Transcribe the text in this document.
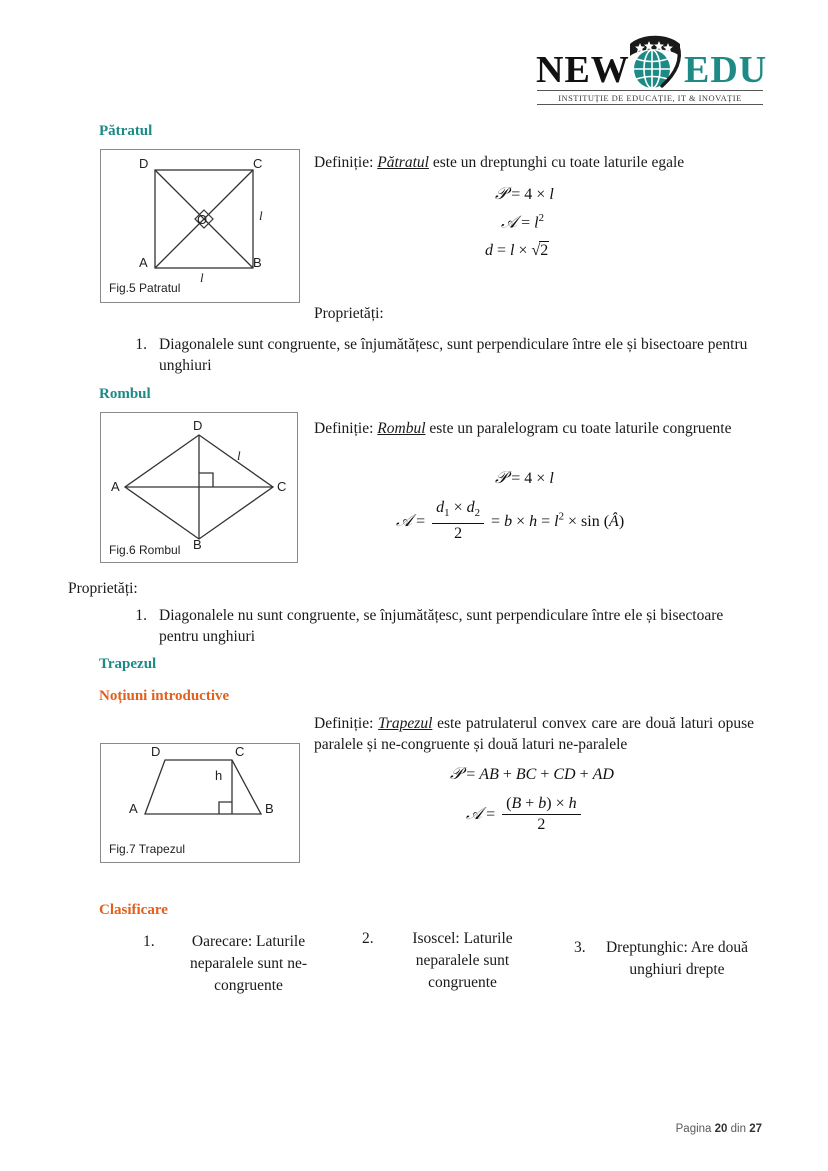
NEW EDU
INSTITUȚIE DE EDUCAȚIE, IT & INOVAȚIE
Pătratul
D	C
A	B
O	l
l
Fig.5 Patratul
Definiție: Pătratul este un dreptunghi cu toate laturile egale
𝒫 = 4 × l
𝒜 = $l^2$
d = l × √2
Proprietăți:
1. Diagonalele sunt congruente, se înjumătățesc, sunt perpendiculare între ele și bisectoare pentru unghiuri
Rombul
D
A	C
B
l
Fig.6 Rombul
Definiție: Rombul este un paralelogram cu toate laturile congruente
𝒫 = 4 × l
𝒜 = $\frac{d_1 \times d_2}{2} = b \times h = l^2 \times \sin$ (Â)
Proprietăți:
1. Diagonalele nu sunt congruente, se înjumătățesc, sunt perpendiculare între ele și bisectoare pentru unghiuri
Trapezul
Noțiuni introductive
D	C
A	B
h
Fig.7 Trapezul
Definiție: Trapezul este patrulaterul convex care are două laturi opuse paralele și ne-congruente și două laturi ne-paralele
𝒫 = AB + BC + CD + AD
𝒜 = $\frac{(B + b) \times h}{2}$
Clasificare
1.	Oarecare: Laturile neparalele sunt ne-congruente
2.	Isoscel: Laturile neparalele sunt congruente
3.	Dreptunghic: Are două unghiuri drepte
Pagina 20 din 27
